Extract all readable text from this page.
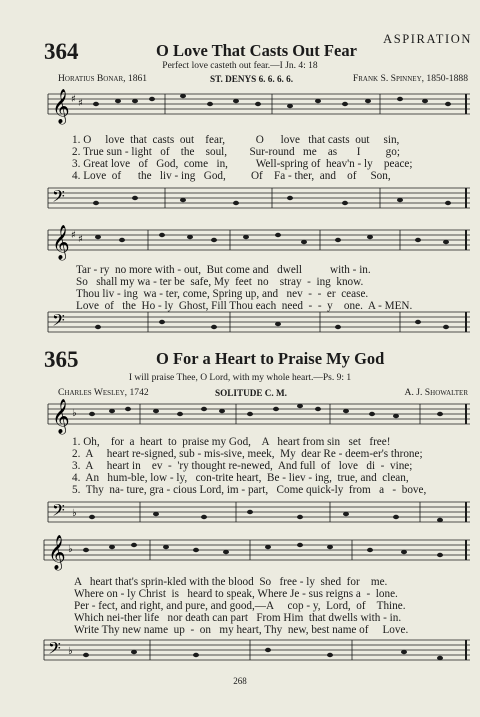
364	O Love That Casts Out Fear
ASPIRATION
Perfect love casteth out fear.—I Jn. 4: 18
Horatius Bonar, 1861	ST. DENYS 6. 6. 6. 6.	Frank S. Spinney, 1850-1888
𝄞 ♯ ♯
1. O     love  that  casts  out    fear,           O      love   that casts  out     sin,
2. True sun - light   of    the    soul,        Sur-round   me    as       I         go;
3. Great love   of   God,  come   in,          Well-spring of  heav'n - ly    peace;
4. Love  of      the   liv - ing   God,         Of    Fa - ther,  and    of     Son,
𝄢
𝄞 ♯ ♯
Tar - ry  no more with - out,  But come and   dwell          with - in.
So   shall my wa - ter be  safe, My  feet  no    stray  -  ing  know.
Thou liv - ing  wa - ter, come, Spring up, and   nev  -  -  er  cease.
Love  of   the  Ho - ly  Ghost, Fill Thou each  need  -  -  y    one.  A - MEN.
𝄢
365	O For a Heart to Praise My God
I will praise Thee, O Lord, with my whole heart.—Ps. 9: 1
Charles Wesley, 1742	SOLITUDE C. M.	A. J. Showalter
𝄞 ♭
1. Oh,    for  a  heart  to  praise my God,    A   heart from sin   set   free!
2.  A     heart re-signed, sub - mis-sive, meek,  My  dear Re - deem-er's throne;
3.  A     heart in    ev  -  'ry thought re-newed,  And full  of   love   di  -  vine;
4.  An   hum-ble, low - ly,   con-trite heart,  Be - liev - ing,  true, and  clean,
5.  Thy  na- ture, gra - cious Lord, im - part,   Come quick-ly  from   a   -  bove,
𝄢 ♭
𝄞 ♭
A   heart that's sprin-kled with the blood  So   free - ly  shed  for    me.
Where on - ly Christ  is   heard to speak, Where Je - sus reigns a  -  lone.
Per - fect, and right, and pure, and good,—A     cop - y,  Lord,  of    Thine.
Which nei-ther life   nor death can part   From Him  that dwells with - in.
Write Thy new name  up  -  on   my heart, Thy  new, best name of     Love.
𝄢 ♭
268
